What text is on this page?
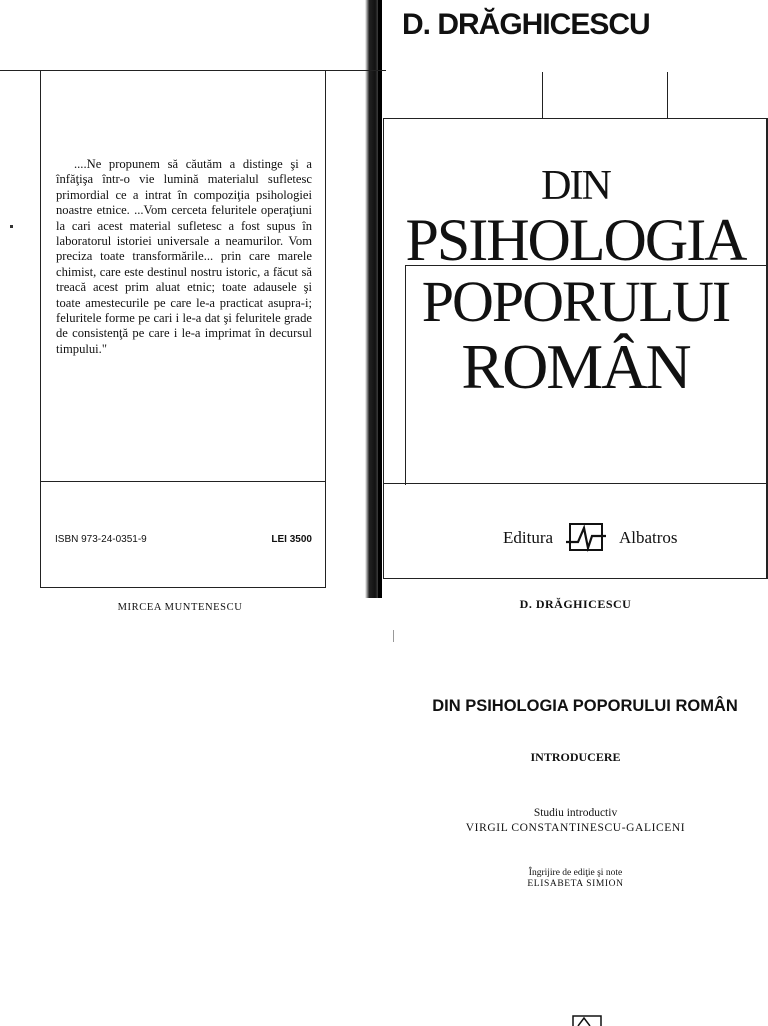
....Ne propunem să căutăm a distinge şi a înfăţişa într-o vie lumină materialul sufletesc primordial ce a intrat în compoziţia psihologiei noastre etnice. ...Vom cerceta feluritele operaţiuni la cari acest material sufletesc a fost supus în laboratorul istoriei universale a neamurilor. Vom preciza toate transformările... prin care marele chimist, care este destinul nostru istoric, a făcut să treacă acest prim aluat etnic; toate adausele şi toate amestecurile pe care le-a practicat asupra-i; feluritele forme pe cari i le-a dat şi feluritele grade de consistenţă pe care i le-a imprimat în decursul timpului."
ISBN 973-24-0351-9	LEI 3500
MIRCEA MUNTENESCU
D. DRĂGHICESCU
DIN
PSIHOLOGIA
POPORULUI
ROMÂN
Editura	Albatros
D. DRĂGHICESCU
DIN PSIHOLOGIA POPORULUI ROMÂN
INTRODUCERE
Studiu introductiv
VIRGIL CONSTANTINESCU-GALICENI
Îngrijire de ediţie şi note
ELISABETA SIMION
